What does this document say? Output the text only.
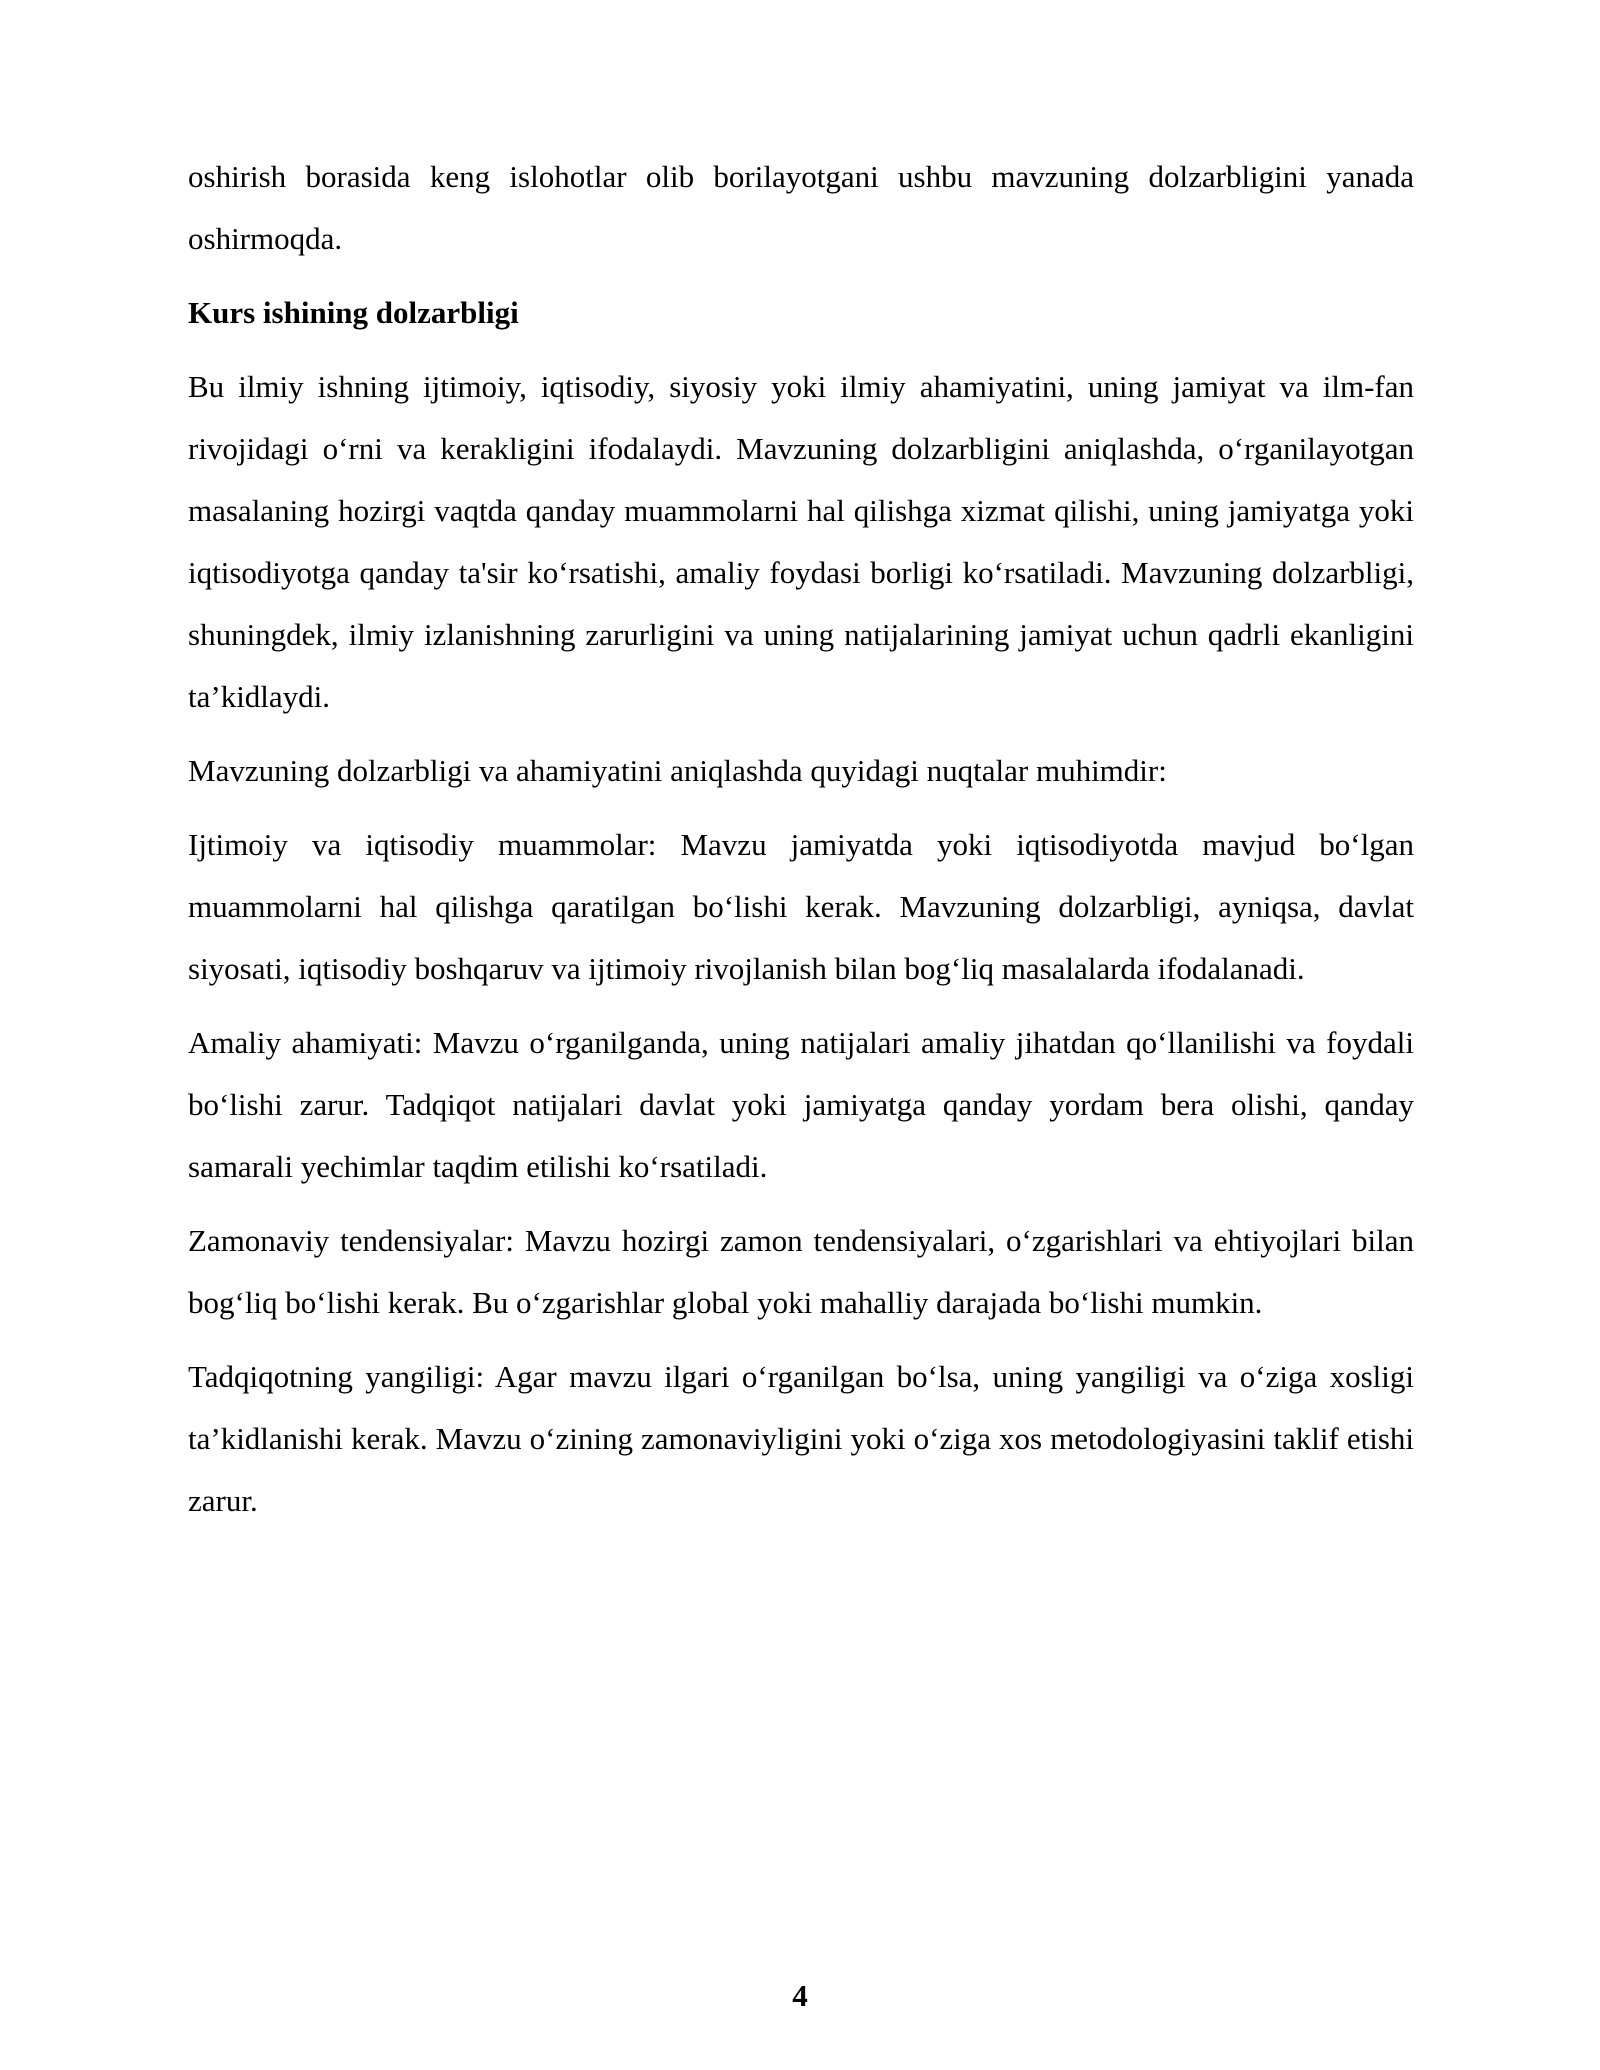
oshirish borasida keng islohotlar olib borilayotgani ushbu mavzuning dolzarbligini yanada oshirmoqda.

Kurs ishining dolzarbligi

Bu ilmiy ishning ijtimoiy, iqtisodiy, siyosiy yoki ilmiy ahamiyatini, uning jamiyat va ilm-fan rivojidagi o‘rni va kerakligini ifodalaydi. Mavzuning dolzarbligini aniqlashda, o‘rganilayotgan masalaning hozirgi vaqtda qanday muammolarni hal qilishga xizmat qilishi, uning jamiyatga yoki iqtisodiyotga qanday ta'sir ko‘rsatishi, amaliy foydasi borligi ko‘rsatiladi. Mavzuning dolzarbligi, shuningdek, ilmiy izlanishning zarurligini va uning natijalarining jamiyat uchun qadrli ekanligini ta’kidlaydi.

Mavzuning dolzarbligi va ahamiyatini aniqlashda quyidagi nuqtalar muhimdir:

Ijtimoiy va iqtisodiy muammolar: Mavzu jamiyatda yoki iqtisodiyotda mavjud bo‘lgan muammolarni hal qilishga qaratilgan bo‘lishi kerak. Mavzuning dolzarbligi, ayniqsa, davlat siyosati, iqtisodiy boshqaruv va ijtimoiy rivojlanish bilan bog‘liq masalalarda ifodalanadi.

Amaliy ahamiyati: Mavzu o‘rganilganda, uning natijalari amaliy jihatdan qo‘llanilishi va foydali bo‘lishi zarur. Tadqiqot natijalari davlat yoki jamiyatga qanday yordam bera olishi, qanday samarali yechimlar taqdim etilishi ko‘rsatiladi.

Zamonaviy tendensiyalar: Mavzu hozirgi zamon tendensiyalari, o‘zgarishlari va ehtiyojlari bilan bog‘liq bo‘lishi kerak. Bu o‘zgarishlar global yoki mahalliy darajada bo‘lishi mumkin.

Tadqiqotning yangiligi: Agar mavzu ilgari o‘rganilgan bo‘lsa, uning yangiligi va o‘ziga xosligi ta’kidlanishi kerak. Mavzu o‘zining zamonaviyligini yoki o‘ziga xos metodologiyasini taklif etishi zarur.

4
